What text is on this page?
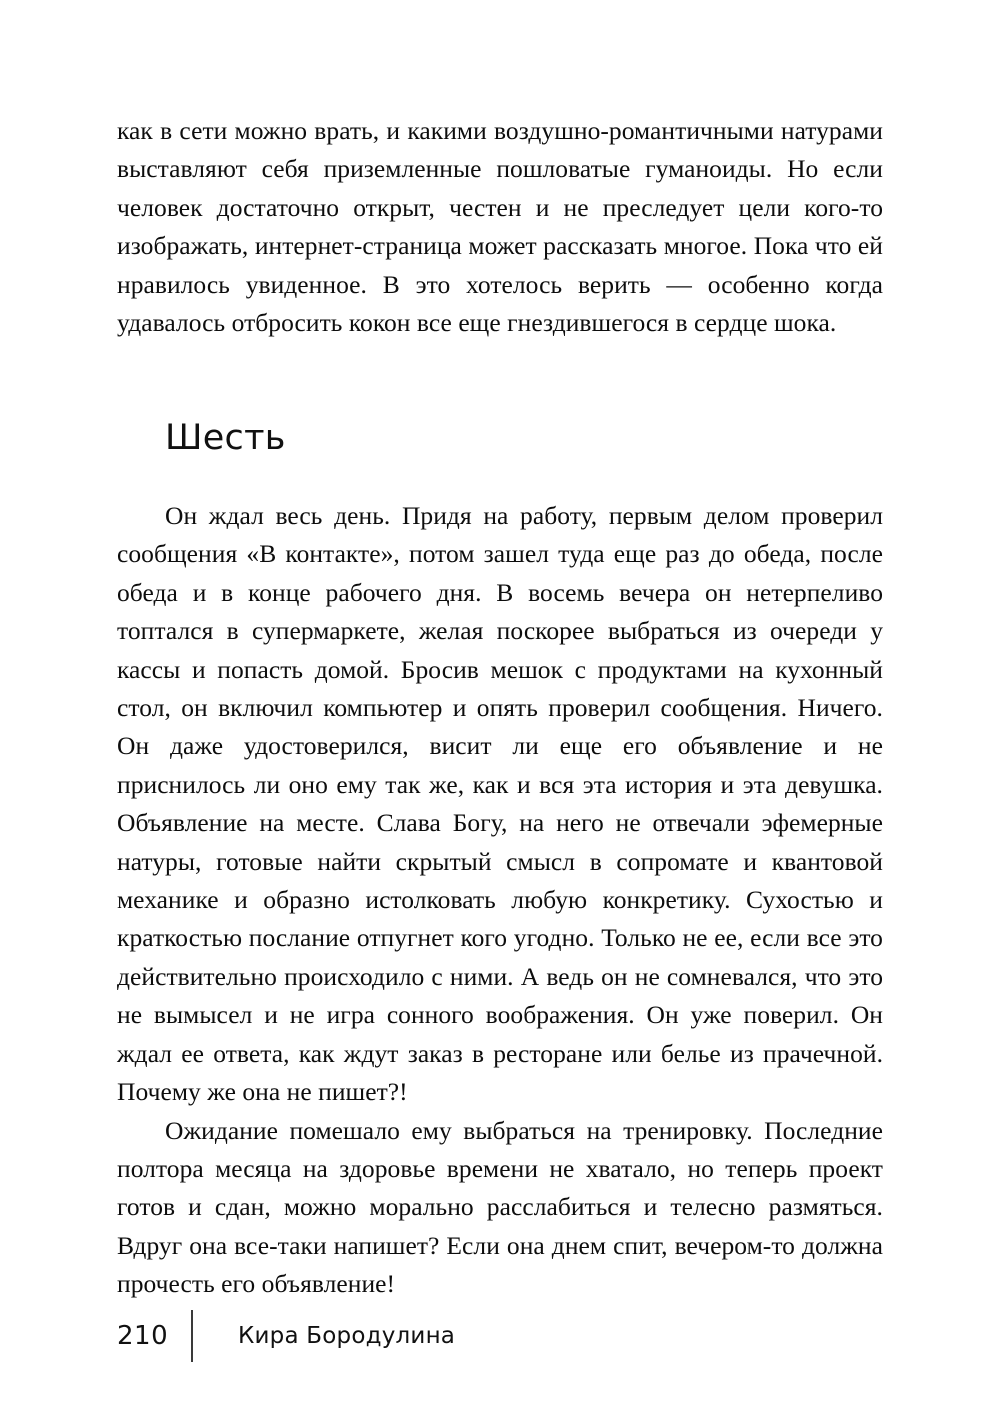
как в сети можно врать, и какими воздушно-романтичными натурами выставляют себя приземленные пошловатые гуманоиды. Но если человек достаточно открыт, честен и не преследует цели кого-то изображать, интернет-страница может рассказать многое. Пока что ей нравилось увиденное. В это хотелось верить — особенно когда удавалось отбросить кокон все еще гнездившегося в сердце шока.

Шесть

Он ждал весь день. Придя на работу, первым делом проверил сообщения «В контакте», потом зашел туда еще раз до обеда, после обеда и в конце рабочего дня. В восемь вечера он нетерпеливо топтался в супермаркете, желая поскорее выбраться из очереди у кассы и попасть домой. Бросив мешок с продуктами на кухонный стол, он включил компьютер и опять проверил сообщения. Ничего. Он даже удостоверился, висит ли еще его объявление и не приснилось ли оно ему так же, как и вся эта история и эта девушка. Объявление на месте. Слава Богу, на него не отвечали эфемерные натуры, готовые найти скрытый смысл в сопромате и квантовой механике и образно истолковать любую конкретику. Сухостью и краткостью послание отпугнет кого угодно. Только не ее, если все это действительно происходило с ними. А ведь он не сомневался, что это не вымысел и не игра сонного воображения. Он уже поверил. Он ждал ее ответа, как ждут заказ в ресторане или белье из прачечной. Почему же она не пишет?!

Ожидание помешало ему выбраться на тренировку. Последние полтора месяца на здоровье времени не хватало, но теперь проект готов и сдан, можно морально расслабиться и телесно размяться. Вдруг она все-таки напишет? Если она днем спит, вечером-то должна прочесть его объявление!

210	Кира Бородулина
